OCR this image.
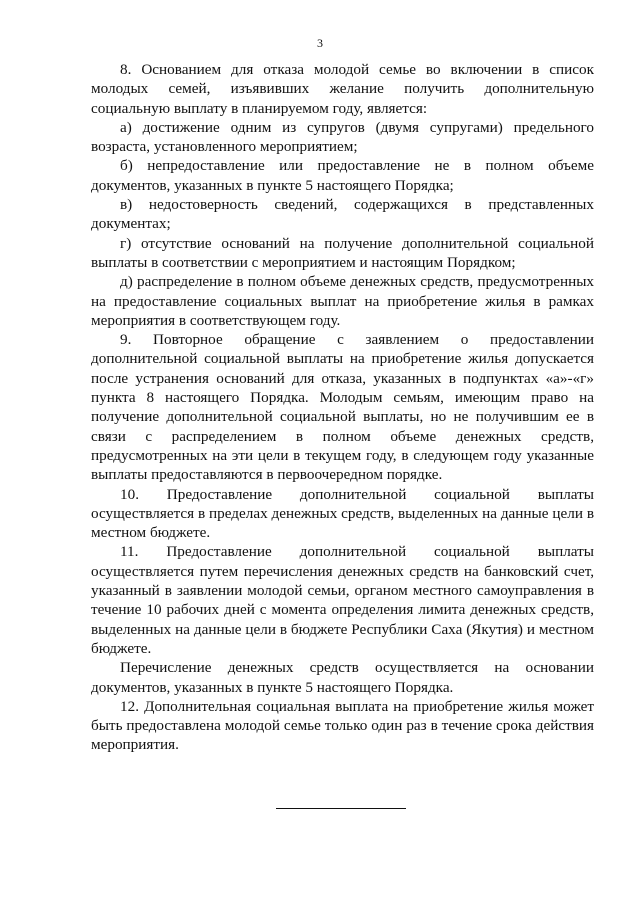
3

8. Основанием для отказа молодой семье во включении в список молодых семей, изъявивших желание получить дополнительную социальную выплату в планируемом году, является:

а) достижение одним из супругов (двумя супругами) предельного возраста, установленного мероприятием;

б) непредоставление или предоставление не в полном объеме документов, указанных в пункте 5 настоящего Порядка;

в) недостоверность сведений, содержащихся в представленных документах;

г) отсутствие оснований на получение дополнительной социальной выплаты в соответствии с мероприятием и настоящим Порядком;

д) распределение в полном объеме денежных средств, предусмотренных на предоставление социальных выплат на приобретение жилья в рамках мероприятия в соответствующем году.

9. Повторное обращение с заявлением о предоставлении дополнительной социальной выплаты на приобретение жилья допускается после устранения оснований для отказа, указанных в подпунктах «а»-«г» пункта 8 настоящего Порядка. Молодым семьям, имеющим право на получение дополнительной социальной выплаты, но не получившим ее в связи с распределением в полном объеме денежных средств, предусмотренных на эти цели в текущем году, в следующем году указанные выплаты предоставляются в первоочередном порядке.

10. Предоставление дополнительной социальной выплаты осуществляется в пределах денежных средств, выделенных на данные цели в местном бюджете.

11. Предоставление дополнительной социальной выплаты осуществляется путем перечисления денежных средств на банковский счет, указанный в заявлении молодой семьи, органом местного самоуправления в течение 10 рабочих дней с момента определения лимита денежных средств, выделенных на данные цели в бюджете Республики Саха (Якутия) и местном бюджете.

Перечисление денежных средств осуществляется на основании документов, указанных в пункте 5 настоящего Порядка.

12. Дополнительная социальная выплата на приобретение жилья может быть предоставлена молодой семье только один раз в течение срока действия мероприятия.
